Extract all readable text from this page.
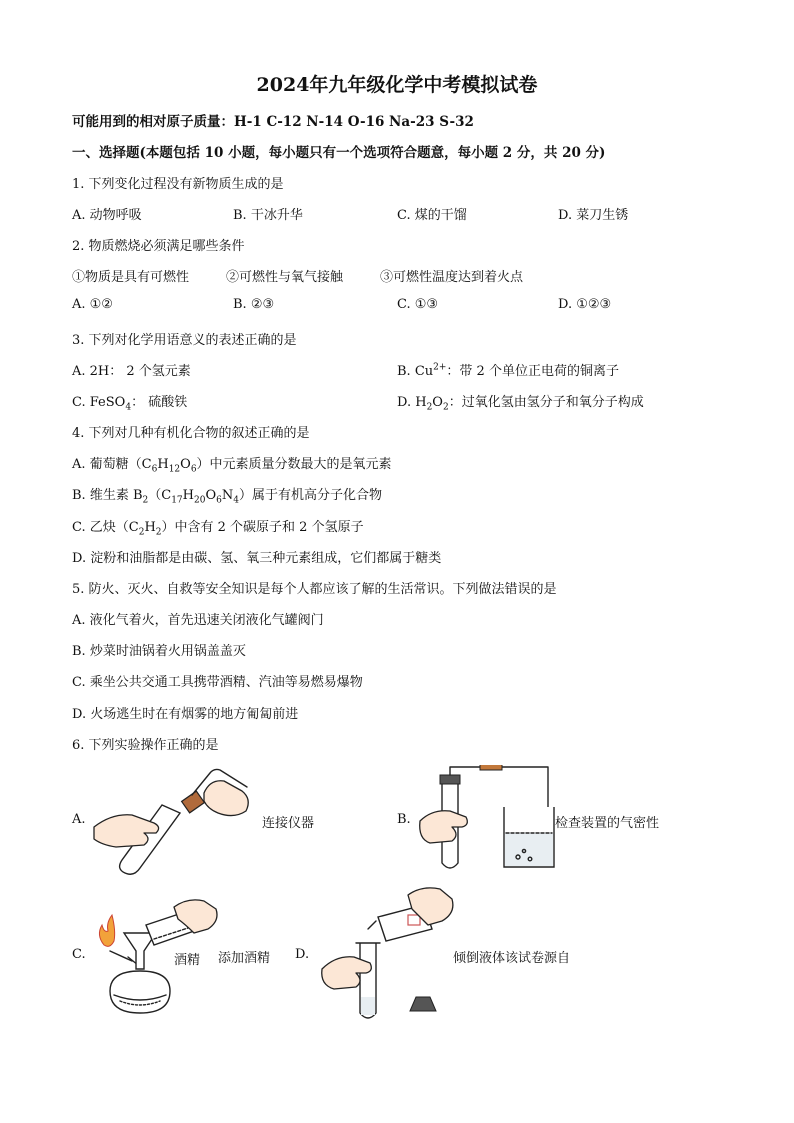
2024年九年级化学中考模拟试卷
可能用到的相对原子质量：H-1 C-12 N-14 O-16 Na-23 S-32
一、选择题(本题包括 10 小题，每小题只有一个选项符合题意，每小题 2 分，共 20 分)
1. 下列变化过程没有新物质生成的是
A. 动物呼吸	B. 干冰升华	C. 煤的干馏	D. 菜刀生锈
2. 物质燃烧必须满足哪些条件
①物质是具有可燃性	②可燃性与氧气接触	③可燃性温度达到着火点
A. ①②	B. ②③	C. ①③	D. ①②③
3. 下列对化学用语意义的表述正确的是
A. 2H： 2 个氢元素	B. $Cu^{2+}$：带 2 个单位正电荷的铜离子
C. FeSO$_4$： 硫酸铁	D. $H_2O_2$：过氧化氢由氢分子和氧分子构成
4. 下列对几种有机化合物的叙述正确的是
A. 葡萄糖$(C_6H_{12}O_6)$中元素质量分数最大的是氧元素
B. 维生素 $B_2(C_{17}H_{20}O_6N_4)$属于有机高分子化合物
C. 乙炔$(C_2H_2)$中含有 2 个碳原子和 2 个氢原子
D. 淀粉和油脂都是由碳、氢、氧三种元素组成，它们都属于糖类
5. 防火、灭火、自救等安全知识是每个人都应该了解的生活常识。下列做法错误的是
A. 液化气着火，首先迅速关闭液化气罐阀门
B. 炒菜时油锅着火用锅盖盖灭
C. 乘坐公共交通工具携带酒精、汽油等易燃易爆物
D. 火场逃生时在有烟雾的地方匍匐前进
6. 下列实验操作正确的是
A.	连接仪器	B.	检查装置的气密性
C.	酒精 添加酒精 D.	倾倒液体该试卷源自
